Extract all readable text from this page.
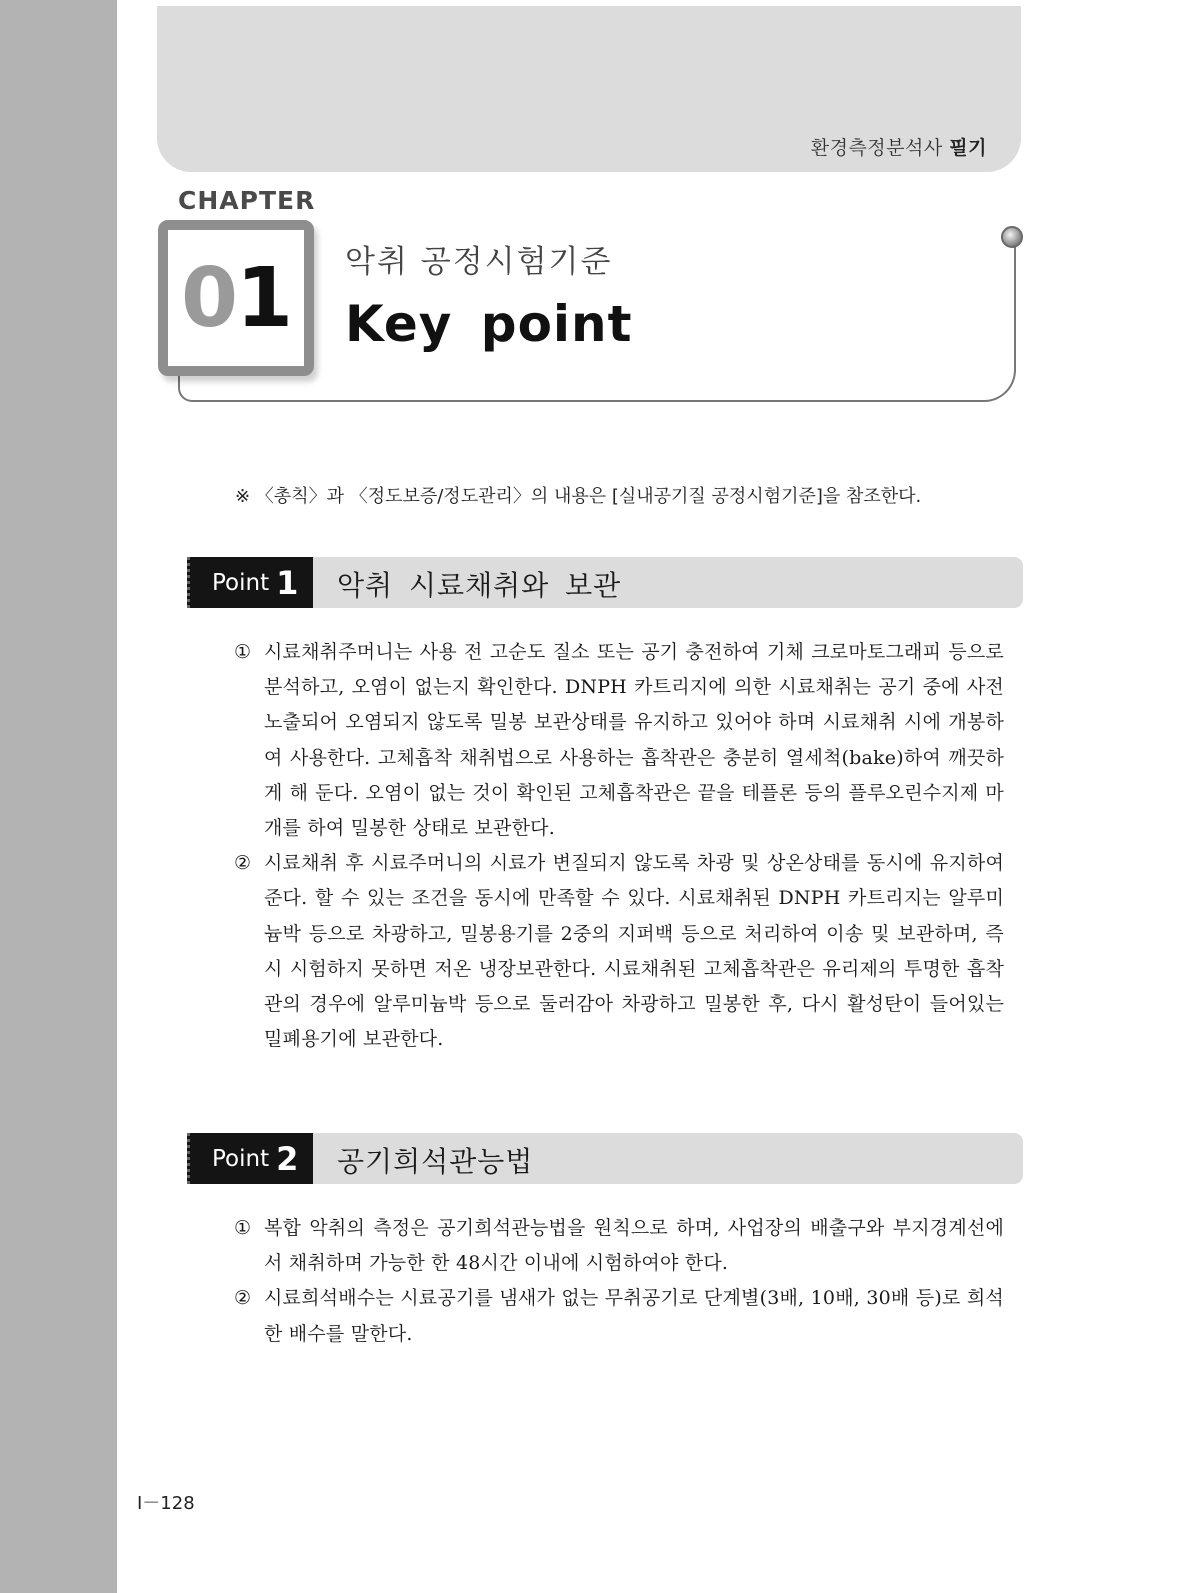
환경측정분석사 필기
CHAPTER
0 1 악취 공정시험기준
Key point
※ 〈총칙〉과 〈정도보증/정도관리〉의 내용은 [실내공기질 공정시험기준]을 참조한다.
Point 1 악취 시료채취와 보관
① 시료채취주머니는 사용 전 고순도 질소 또는 공기 충전하여 기체 크로마토그래피 등으로 분석하고, 오염이 없는지 확인한다. DNPH 카트리지에 의한 시료채취는 공기 중에 사전 노출되어 오염되지 않도록 밀봉 보관상태를 유지하고 있어야 하며 시료채취 시에 개봉하여 사용한다. 고체흡착 채취법으로 사용하는 흡착관은 충분히 열세척(bake)하여 깨끗하게 해 둔다. 오염이 없는 것이 확인된 고체흡착관은 끝을 테플론 등의 플루오린수지제 마개를 하여 밀봉한 상태로 보관한다.
② 시료채취 후 시료주머니의 시료가 변질되지 않도록 차광 및 상온상태를 동시에 유지하여 준다. 할 수 있는 조건을 동시에 만족할 수 있다. 시료채취된 DNPH 카트리지는 알루미늄박 등으로 차광하고, 밀봉용기를 2중의 지퍼백 등으로 처리하여 이송 및 보관하며, 즉시 시험하지 못하면 저온 냉장보관한다. 시료채취된 고체흡착관은 유리제의 투명한 흡착관의 경우에 알루미늄박 등으로 둘러감아 차광하고 밀봉한 후, 다시 활성탄이 들어있는 밀폐용기에 보관한다.
Point 2 공기희석관능법
① 복합 악취의 측정은 공기희석관능법을 원칙으로 하며, 사업장의 배출구와 부지경계선에서 채취하며 가능한 한 48시간 이내에 시험하여야 한다.
② 시료희석배수는 시료공기를 냄새가 없는 무취공기로 단계별(3배, 10배, 30배 등)로 희석한 배수를 말한다.
I－128
